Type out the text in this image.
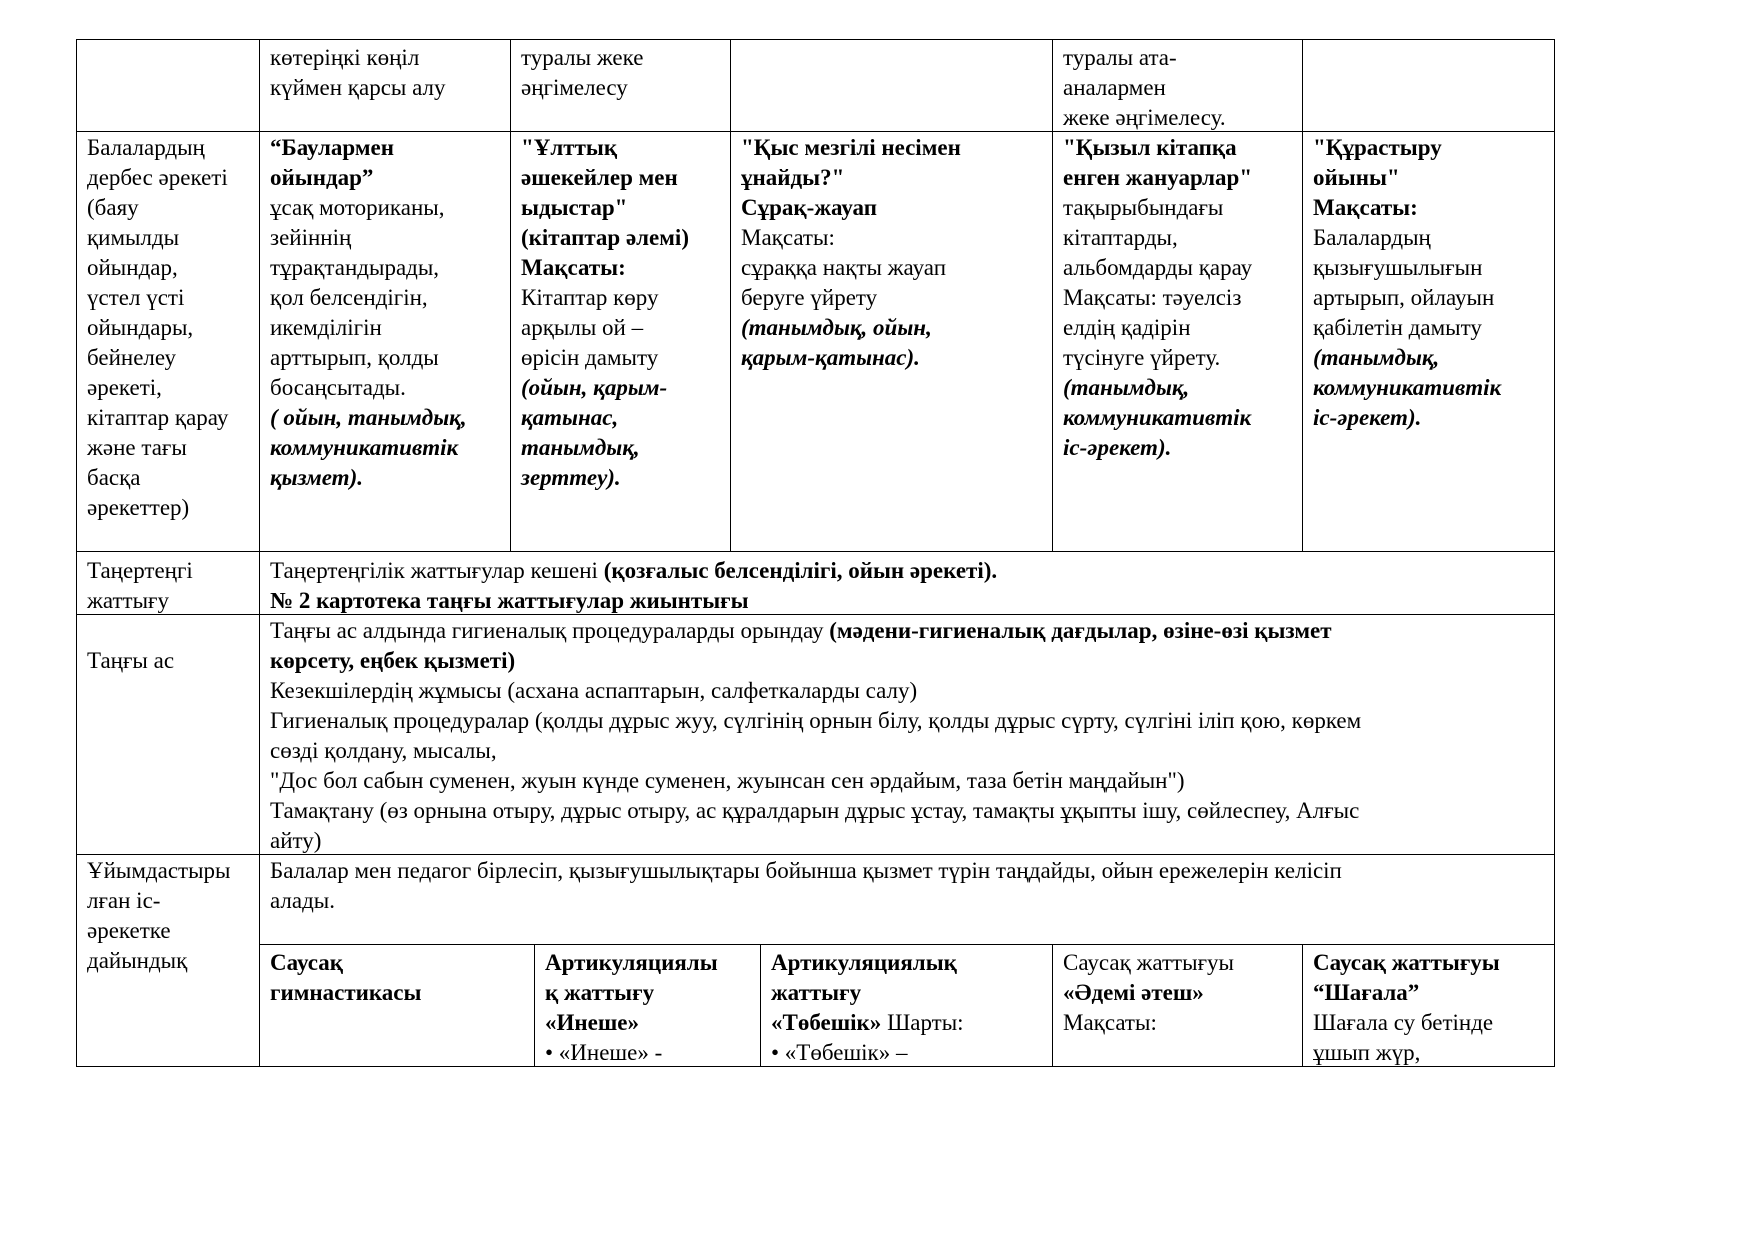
көтеріңкі көңіл
күймен қарсы алу
туралы жеке
әңгімелесу
туралы ата-
аналармен
жеке әңгімелесу.
Балалардың
дербес әрекеті
(баяу
қимылды
ойындар,
үстел үсті
ойындары,
бейнелеу
әрекеті,
кітаптар қарау
және тағы
басқа
әрекеттер)
“Баулармен
ойындар”
ұсақ моториканы,
зейіннің
тұрақтандырады,
қол белсендігін,
икемділігін
арттырып, қолды
босаңсытады.
( ойын, танымдық,
коммуникативтік
қызмет).
"Ұлттық
әшекейлер мен
ыдыстар"
(кітаптар әлемі)
Мақсаты:
Кітаптар көру
арқылы ой –
өрісін дамыту
(ойын, қарым-
қатынас,
танымдық,
зерттеу).
"Қыс мезгілі несімен
ұнайды?"
Сұрақ-жауап
Мақсаты:
сұраққа нақты жауап
беруге үйрету
(танымдық, ойын,
қарым-қатынас).
"Қызыл кітапқа
енген жануарлар"
тақырыбындағы
кітаптарды,
альбомдарды қарау
Мақсаты: тәуелсіз
елдің қадірін
түсінуге үйрету.
(танымдық,
коммуникативтік
іс-әрекет).
"Құрастыру
ойыны"
Мақсаты:
Балалардың
қызығушылығын
артырып, ойлауын
қабілетін дамыту
(танымдық,
коммуникативтік
іс-әрекет).
Таңертеңгі
жаттығу
Таңертеңгілік жаттығулар кешені (қозғалыс белсенділігі, ойын әрекеті).
№ 2 картотека таңғы жаттығулар жиынтығы
Таңғы ас
Таңғы ас алдында гигиеналық процедураларды орындау (мәдени-гигиеналық дағдылар, өзіне-өзі қызмет
көрсету, еңбек қызметі)
Кезекшілердің жұмысы (асхана аспаптарын, салфеткаларды салу)
Гигиеналық процедуралар (қолды дұрыс жуу, сүлгінің орнын білу, қолды дұрыс сүрту, сүлгіні іліп қою, көркем
сөзді қолдану, мысалы,
"Дос бол сабын суменен, жуын күнде суменен, жуынсан сен әрдайым, таза бетін маңдайын")
Тамақтану (өз орнына отыру, дұрыс отыру, ас құралдарын дұрыс ұстау, тамақты ұқыпты ішу, сөйлеспеу, Алғыс
айту)
Ұйымдастыры
лған іс-
әрекетке
дайындық
Балалар мен педагог бірлесіп, қызығушылықтары бойынша қызмет түрін таңдайды, ойын ережелерін келісіп
алады.
Саусақ
гимнастикасы
Артикуляциялы
қ жаттығу
«Инеше»
• «Инеше» -
Артикуляциялық
жаттығу
«Төбешік» Шарты:
• «Төбешік» –
Саусақ жаттығуы
«Әдемі әтеш»
Мақсаты:
Саусақ жаттығуы
“Шағала”
Шағала су бетінде
ұшып жүр,
